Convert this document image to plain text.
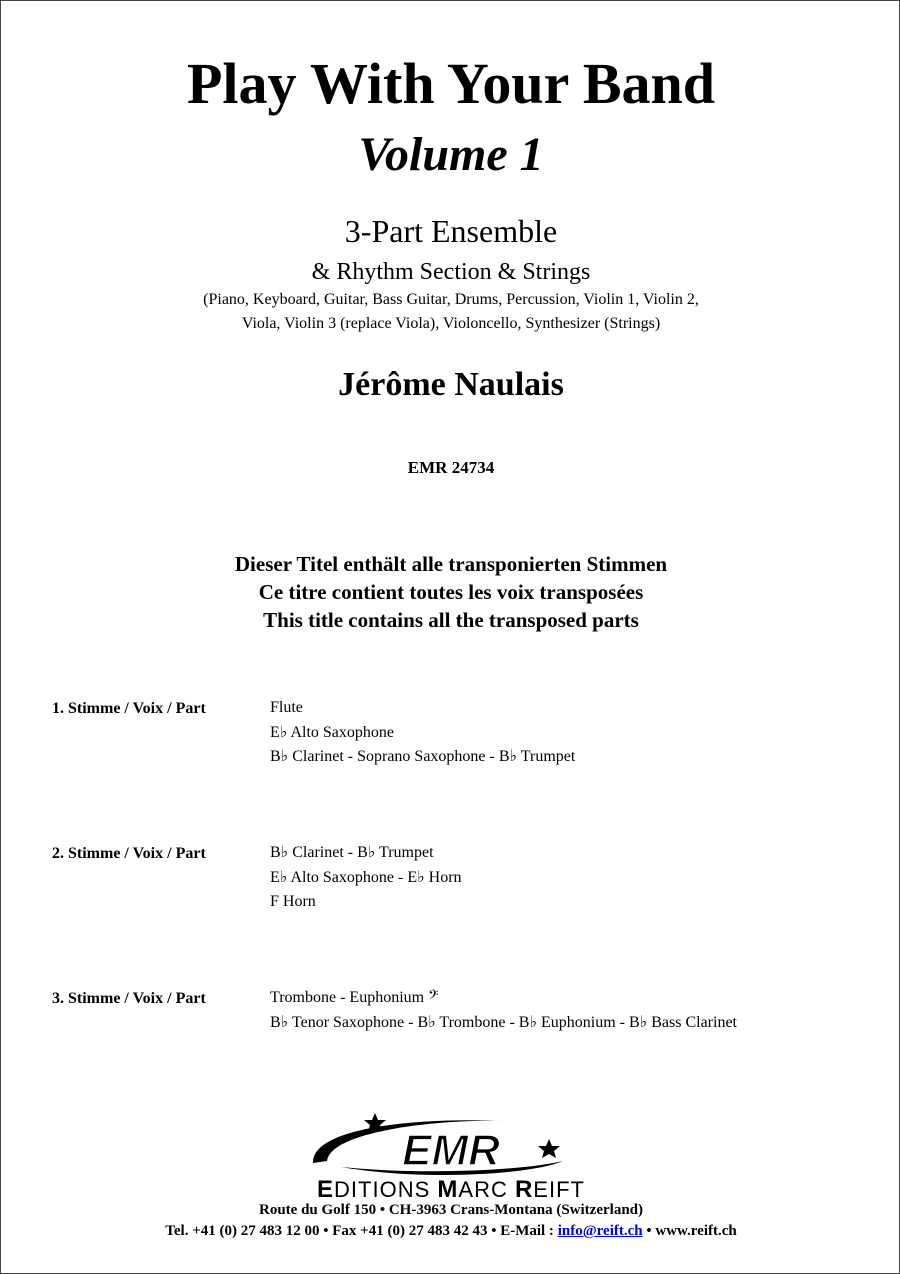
Play With Your Band
Volume 1
3-Part Ensemble
& Rhythm Section & Strings
(Piano, Keyboard, Guitar, Bass Guitar, Drums, Percussion, Violin 1, Violin 2,
Viola, Violin 3 (replace Viola), Violoncello, Synthesizer (Strings)
Jérôme Naulais
EMR 24734
Dieser Titel enthält alle transponierten Stimmen
Ce titre contient toutes les voix transposées
This title contains all the transposed parts
1. Stimme / Voix / Part	Flute
E♭ Alto Saxophone
B♭ Clarinet - Soprano Saxophone - B♭ Trumpet
2. Stimme / Voix / Part	B♭ Clarinet - B♭ Trumpet
E♭ Alto Saxophone - E♭ Horn
F Horn
3. Stimme / Voix / Part	Trombone - Euphonium 𝄢
B♭ Tenor Saxophone - B♭ Trombone - B♭ Euphonium - B♭ Bass Clarinet
EMR
EDITIONS MARC REIFT
Route du Golf 150 • CH-3963 Crans-Montana (Switzerland)
Tel. +41 (0) 27 483 12 00 • Fax +41 (0) 27 483 42 43 • E-Mail : info@reift.ch • www.reift.ch
